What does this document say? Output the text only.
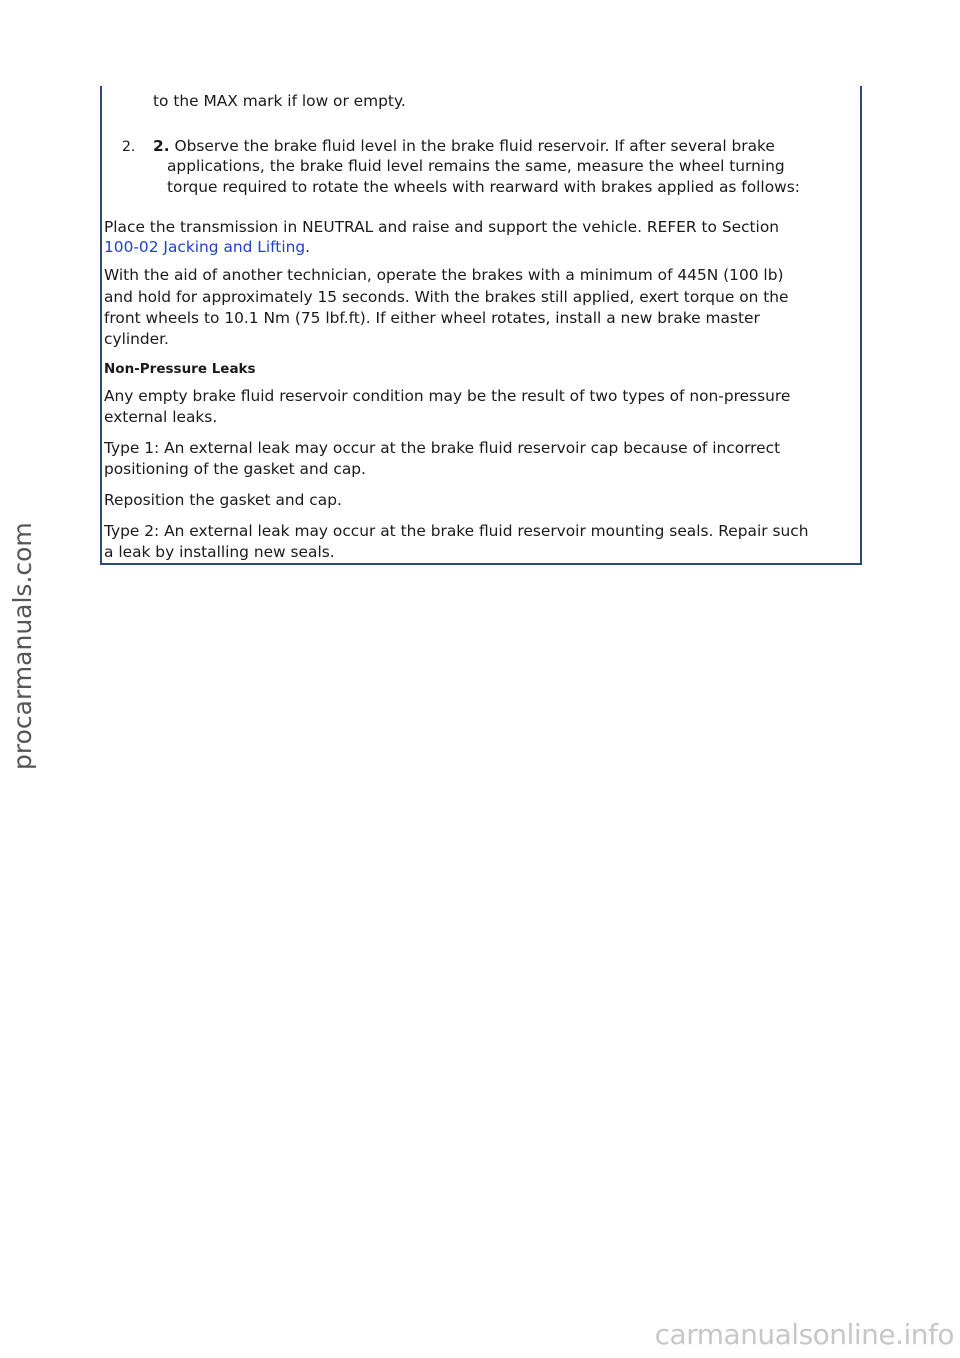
to the MAX mark if low or empty.

2. 2. Observe the brake fluid level in the brake fluid reservoir. If after several brake

applications, the brake fluid level remains the same, measure the wheel turning

torque required to rotate the wheels with rearward with brakes applied as follows:

Place the transmission in NEUTRAL and raise and support the vehicle. REFER to Section

100-02 Jacking and Lifting.

With the aid of another technician, operate the brakes with a minimum of 445N (100 lb)

and hold for approximately 15 seconds. With the brakes still applied, exert torque on the

front wheels to 10.1 Nm (75 lbf.ft). If either wheel rotates, install a new brake master

cylinder.

Non-Pressure Leaks

Any empty brake fluid reservoir condition may be the result of two types of non-pressure

external leaks.

Type 1: An external leak may occur at the brake fluid reservoir cap because of incorrect

positioning of the gasket and cap.

Reposition the gasket and cap.

Type 2: An external leak may occur at the brake fluid reservoir mounting seals. Repair such

a leak by installing new seals.

procarmanuals.com
carmanualsonline.info
